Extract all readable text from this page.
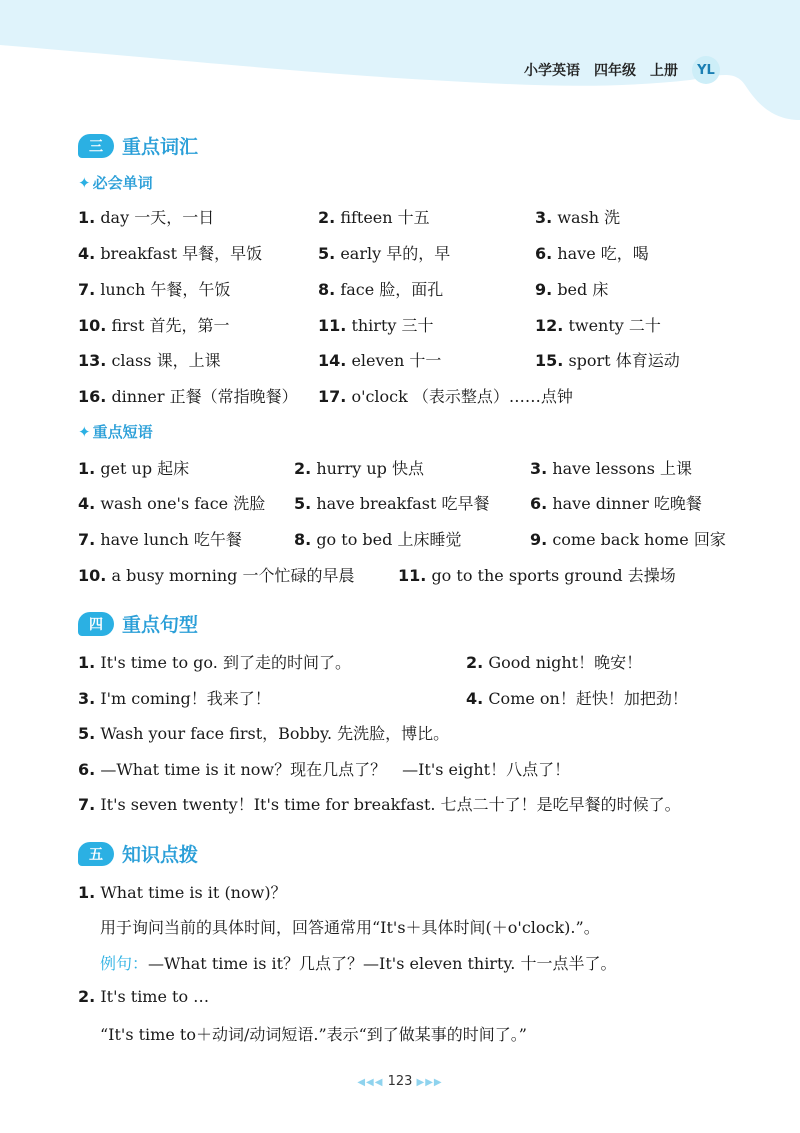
小学英语 四年级 上册	YL
三	重点词汇
✦ 必会单词
1. day 一天，一日	2. fifteen 十五	3. wash 洗
4. breakfast 早餐，早饭	5. early 早的，早	6. have 吃，喝
7. lunch 午餐，午饭	8. face 脸，面孔	9. bed 床
10. first 首先，第一	11. thirty 三十	12. twenty 二十
13. class 课，上课	14. eleven 十一	15. sport 体育运动
16. dinner 正餐（常指晚餐） 17. o'clock （表示整点）……点钟
✦ 重点短语
1. get up 起床	2. hurry up 快点	3. have lessons 上课
4. wash one's face 洗脸 5. have breakfast 吃早餐	6. have dinner 吃晚餐
7. have lunch 吃午餐	8. go to bed 上床睡觉	9. come back home 回家
10. a busy morning 一个忙碌的早晨	11. go to the sports ground 去操场
四	重点句型
1. It's time to go. 到了走的时间了。	2. Good night！晚安！
3. I'm coming！我来了！	4. Come on！赶快！加把劲！
5. Wash your face first，Bobby. 先洗脸，博比。
6. —What time is it now？现在几点了？　—It's eight！八点了！
7. It's seven twenty！It's time for breakfast. 七点二十了！是吃早餐的时候了。
五	知识点拨
1. What time is it (now)？
用于询问当前的具体时间，回答通常用“It's＋具体时间(＋o'clock).”。
例句：—What time is it？几点了？—It's eleven thirty. 十一点半了。
2. It's time to …
“It's time to＋动词/动词短语.”表示“到了做某事的时间了。”
◀◀◀ 123 ▶▶▶
